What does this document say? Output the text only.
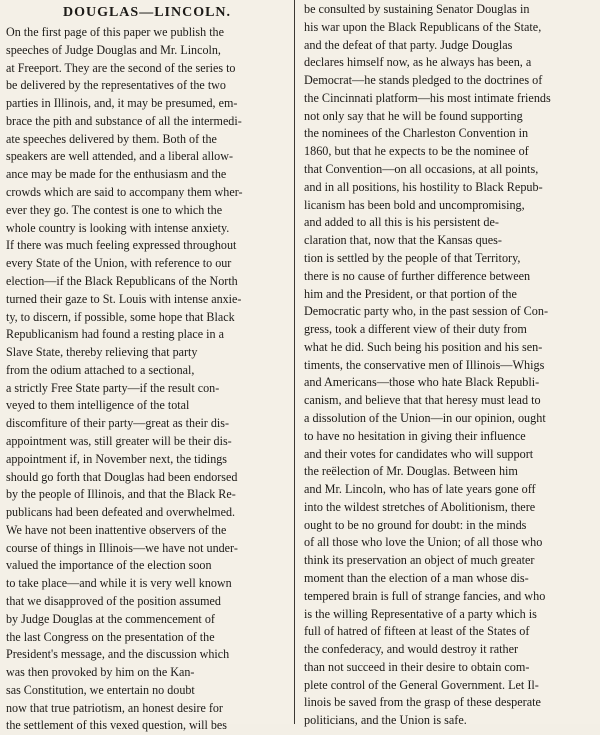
DOUGLAS—LINCOLN.
On the first page of this paper we publish the
speeches of Judge Douglas and Mr. Lincoln,
at Freeport. They are the second of the series to
be delivered by the representatives of the two
parties in Illinois, and, it may be presumed, em-
brace the pith and substance of all the intermedi-
ate speeches delivered by them. Both of the
speakers are well attended, and a liberal allow-
ance may be made for the enthusiasm and the
crowds which are said to accompany them wher-
ever they go. The contest is one to which the
whole country is looking with intense anxiety.
If there was much feeling expressed throughout
every State of the Union, with reference to our
election—if the Black Republicans of the North
turned their gaze to St. Louis with intense anxie-
ty, to discern, if possible, some hope that Black
Republicanism had found a resting place in a
Slave State, thereby relieving that party
from the odium attached to a sectional,
a strictly Free State party—if the result con-
veyed to them intelligence of the total
discomfiture of their party—great as their dis-
appointment was, still greater will be their dis-
appointment if, in November next, the tidings
should go forth that Douglas had been endorsed
by the people of Illinois, and that the Black Re-
publicans had been defeated and overwhelmed.
We have not been inattentive observers of the
course of things in Illinois—we have not under-
valued the importance of the election soon
to take place—and while it is very well known
that we disapproved of the position assumed
by Judge Douglas at the commencement of
the last Congress on the presentation of the
President's message, and the discussion which
was then provoked by him on the Kan-
sas Constitution, we entertain no doubt
now that true patriotism, an honest desire for
the settlement of this vexed question, will bes
be consulted by sustaining Senator Douglas in
his war upon the Black Republicans of the State,
and the defeat of that party. Judge Douglas
declares himself now, as he always has been, a
Democrat—he stands pledged to the doctrines of
the Cincinnati platform—his most intimate friends
not only say that he will be found supporting
the nominees of the Charleston Convention in
1860, but that he expects to be the nominee of
that Convention—on all occasions, at all points,
and in all positions, his hostility to Black Repub-
licanism has been bold and uncompromising,
and added to all this is his persistent de-
claration that, now that the Kansas ques-
tion is settled by the people of that Territory,
there is no cause of further difference between
him and the President, or that portion of the
Democratic party who, in the past session of Con-
gress, took a different view of their duty from
what he did. Such being his position and his sen-
timents, the conservative men of Illinois—Whigs
and Americans—those who hate Black Republi-
canism, and believe that that heresy must lead to
a dissolution of the Union—in our opinion, ought
to have no hesitation in giving their influence
and their votes for candidates who will support
the reëlection of Mr. Douglas. Between him
and Mr. Lincoln, who has of late years gone off
into the wildest stretches of Abolitionism, there
ought to be no ground for doubt: in the minds
of all those who love the Union; of all those who
think its preservation an object of much greater
moment than the election of a man whose dis-
tempered brain is full of strange fancies, and who
is the willing Representative of a party which is
full of hatred of fifteen at least of the States of
the confederacy, and would destroy it rather
than not succeed in their desire to obtain com-
plete control of the General Government. Let Il-
linois be saved from the grasp of these desperate
politicians, and the Union is safe.
